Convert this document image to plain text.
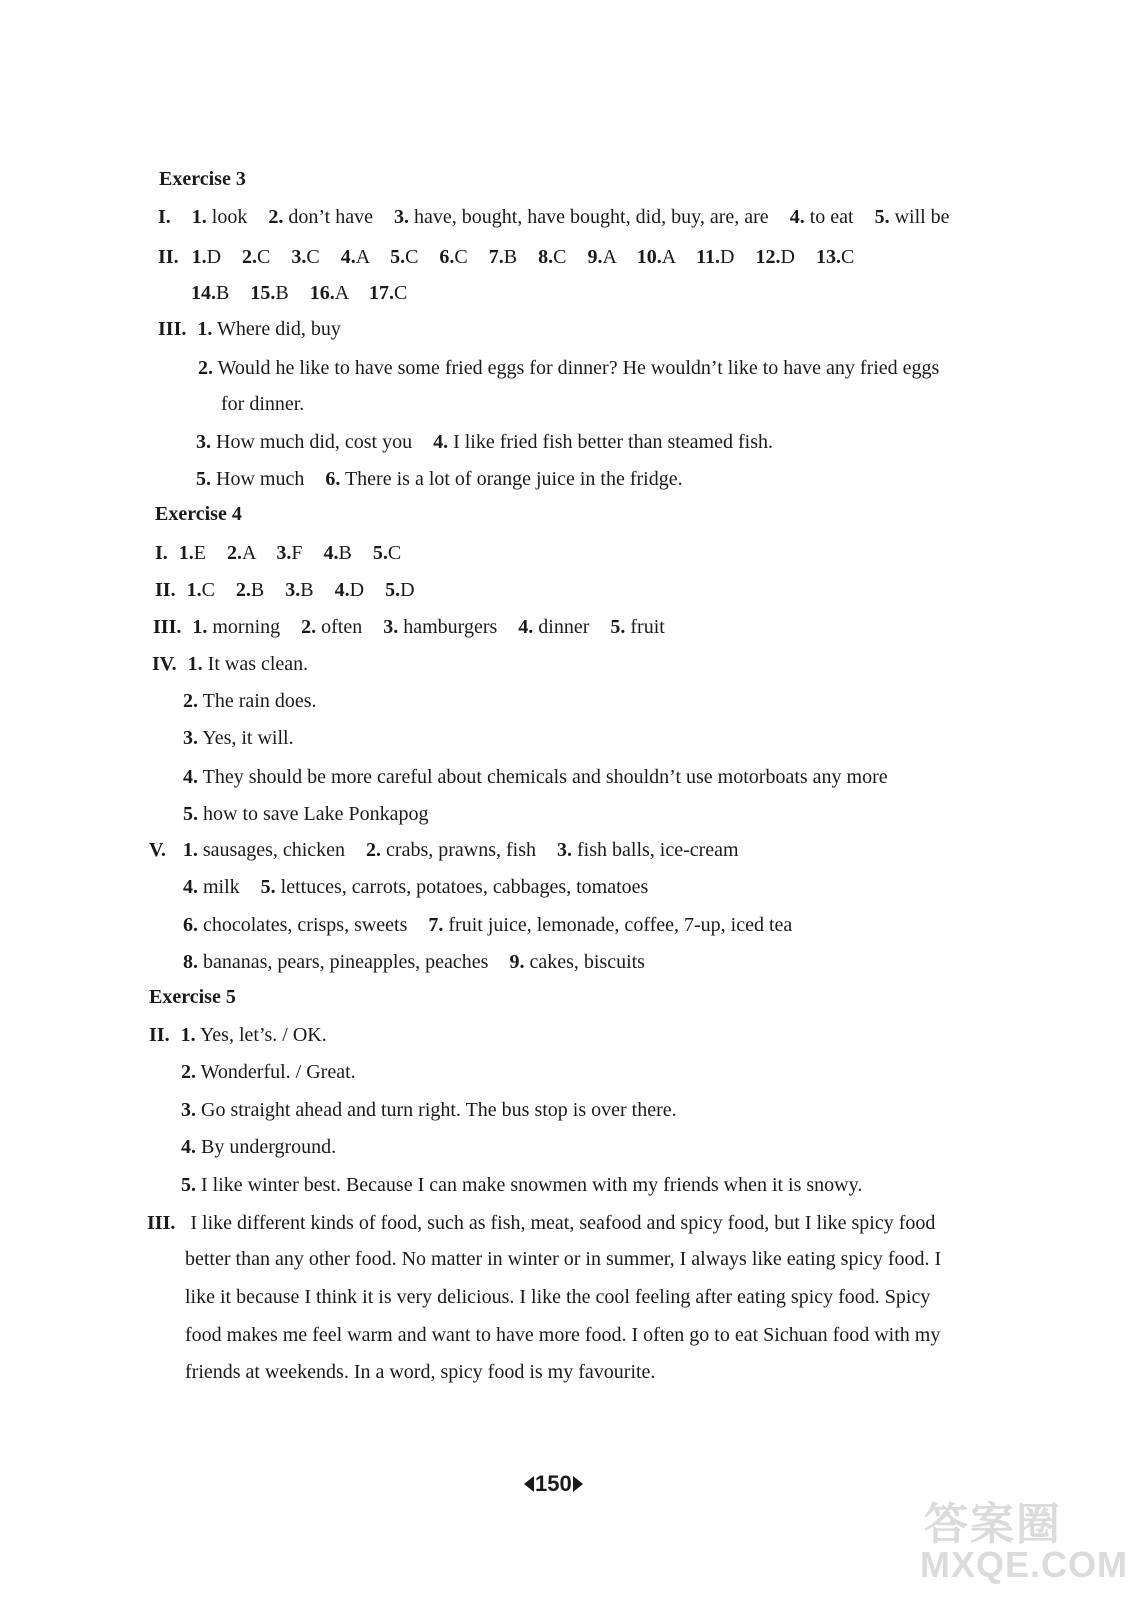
Exercise 3
I. 1. look 2. don’t have 3. have, bought, have bought, did, buy, are, are 4. to eat 5. will be
II. 1.D 2.C 3.C 4.A 5.C 6.C 7.B 8.C 9.A 10.A 11.D 12.D 13.C
14.B 15.B 16.A 17.C
III. 1. Where did, buy
2. Would he like to have some fried eggs for dinner? He wouldn’t like to have any fried eggs
for dinner.
3. How much did, cost you 4. I like fried fish better than steamed fish.
5. How much 6. There is a lot of orange juice in the fridge.
Exercise 4
I. 1.E 2.A 3.F 4.B 5.C
II. 1.C 2.B 3.B 4.D 5.D
III. 1. morning 2. often 3. hamburgers 4. dinner 5. fruit
IV. 1. It was clean.
2. The rain does.
3. Yes, it will.
4. They should be more careful about chemicals and shouldn’t use motorboats any more
5. how to save Lake Ponkapog
V. 1. sausages, chicken 2. crabs, prawns, fish 3. fish balls, ice-cream
4. milk 5. lettuces, carrots, potatoes, cabbages, tomatoes
6. chocolates, crisps, sweets 7. fruit juice, lemonade, coffee, 7-up, iced tea
8. bananas, pears, pineapples, peaches 9. cakes, biscuits
Exercise 5
II. 1. Yes, let’s. / OK.
2. Wonderful. / Great.
3. Go straight ahead and turn right. The bus stop is over there.
4. By underground.
5. I like winter best. Because I can make snowmen with my friends when it is snowy.
III. I like different kinds of food, such as fish, meat, seafood and spicy food, but I like spicy food
better than any other food. No matter in winter or in summer, I always like eating spicy food. I
like it because I think it is very delicious. I like the cool feeling after eating spicy food. Spicy
food makes me feel warm and want to have more food. I often go to eat Sichuan food with my
friends at weekends. In a word, spicy food is my favourite.
150
答案圈
MXQE.COM
